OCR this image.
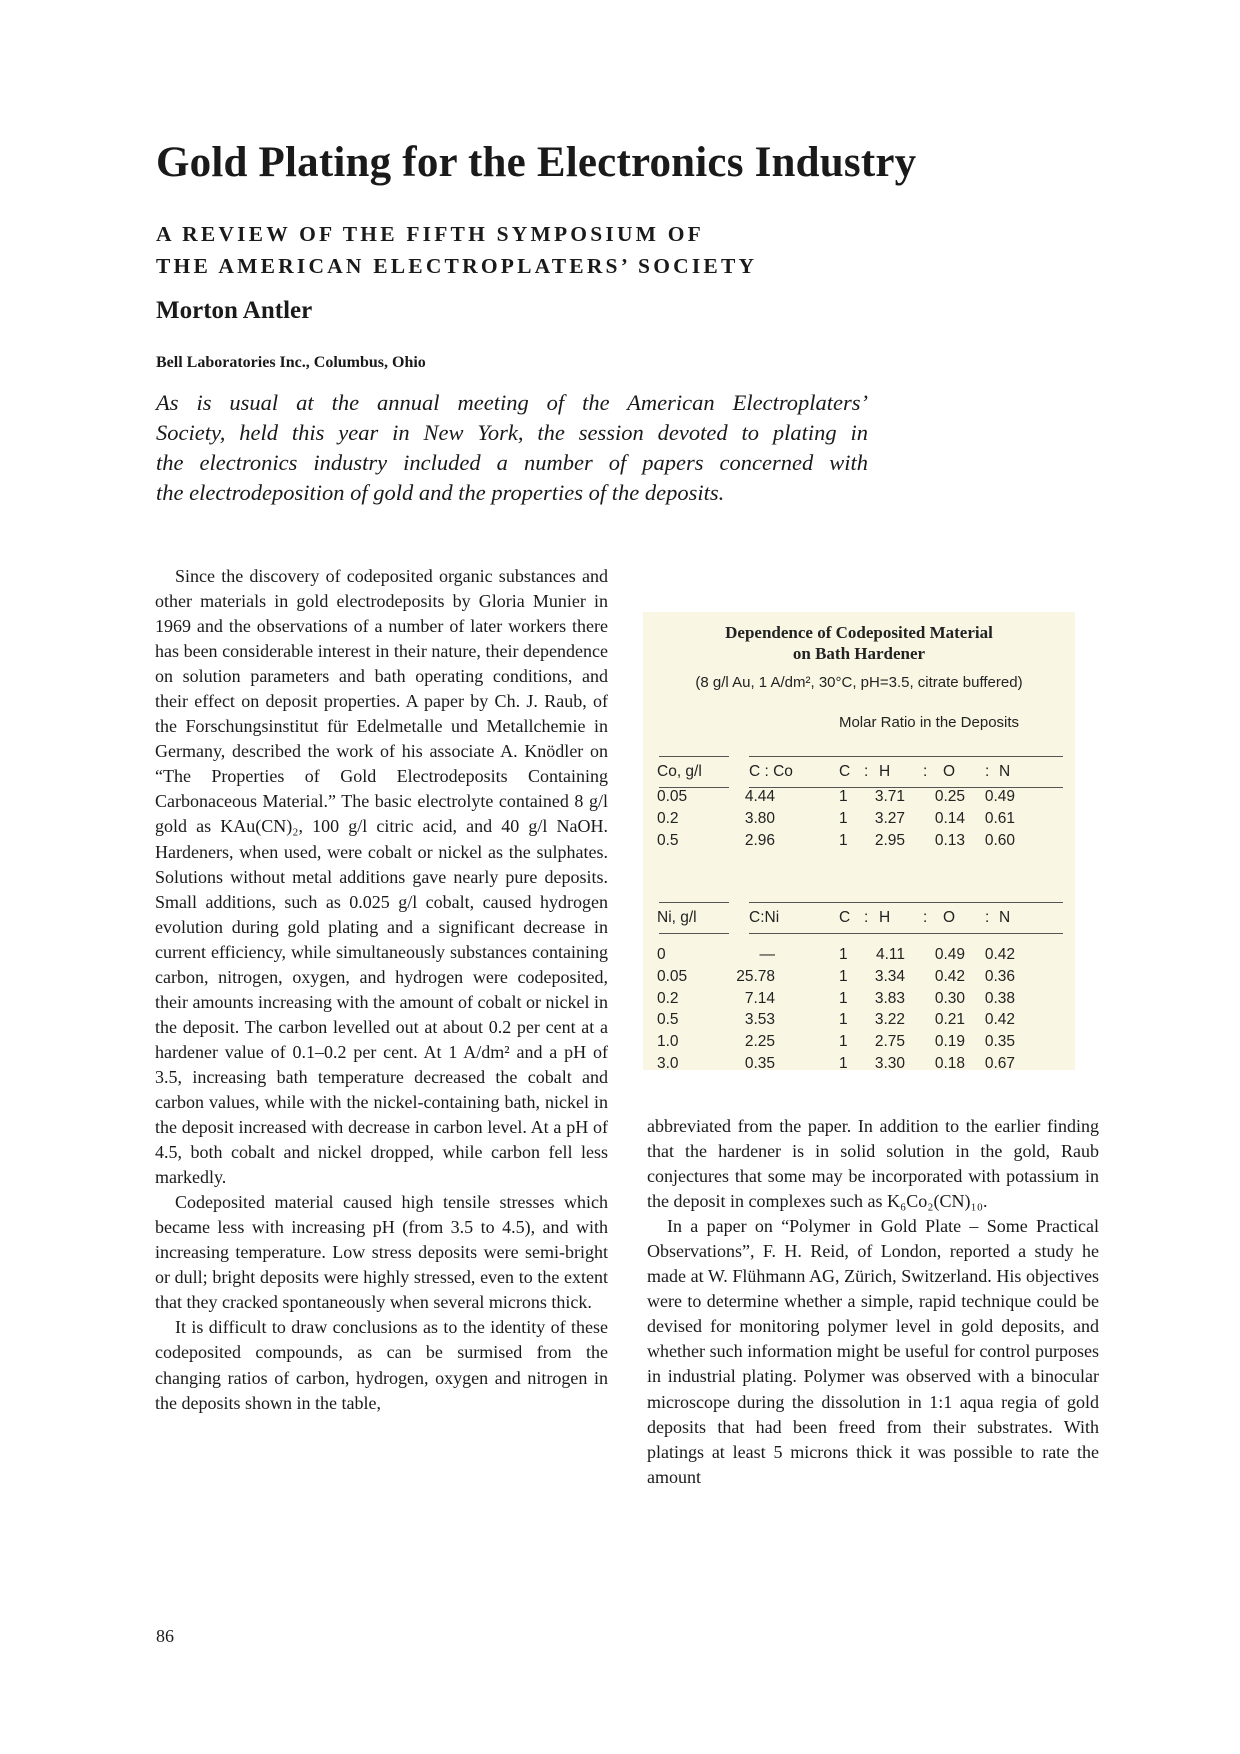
Gold Plating for the Electronics Industry
A REVIEW OF THE FIFTH SYMPOSIUM OF
THE AMERICAN ELECTROPLATERS’ SOCIETY
Morton Antler
Bell Laboratories Inc., Columbus, Ohio
As is usual at the annual meeting of the American Electroplaters’
Society, held this year in New York, the session devoted to plating in
the electronics industry included a number of papers concerned with
the electrodeposition of gold and the properties of the deposits.

Since the discovery of codeposited organic substances and other materials in gold electrodeposits by Gloria Munier in 1969 and the observations of a number of later workers there has been considerable interest in their nature, their dependence on solution parameters and bath operating conditions, and their effect on deposit properties. A paper by Ch. J. Raub, of the Forschungsinstitut für Edelmetalle und Metallchemie in Germany, described the work of his associate A. Knödler on “The Properties of Gold Electrodeposits Containing Carbonaceous Material.” The basic electrolyte contained 8 g/l gold as KAu(CN)₂, 100 g/l citric acid, and 40 g/l NaOH. Hardeners, when used, were cobalt or nickel as the sulphates. Solutions without metal additions gave nearly pure deposits. Small additions, such as 0.025 g/l cobalt, caused hydrogen evolution during gold plating and a significant decrease in current efficiency, while simultaneously substances containing carbon, nitrogen, oxygen, and hydrogen were codeposited, their amounts increasing with the amount of cobalt or nickel in the deposit. The carbon levelled out at about 0.2 per cent at a hardener value of 0.1–0.2 per cent. At 1 A/dm² and a pH of 3.5, increasing bath temperature decreased the cobalt and carbon values, while with the nickel-containing bath, nickel in the deposit increased with decrease in carbon level. At a pH of 4.5, both cobalt and nickel dropped, while carbon fell less markedly.

Codeposited material caused high tensile stresses which became less with increasing pH (from 3.5 to 4.5), and with increasing temperature. Low stress deposits were semi-bright or dull; bright deposits were highly stressed, even to the extent that they cracked spontaneously when several microns thick.

It is difficult to draw conclusions as to the identity of these codeposited compounds, as can be surmised from the changing ratios of carbon, hydrogen, oxygen and nitrogen in the deposits shown in the table,

Dependence of Codeposited Material
on Bath Hardener
(8 g/l Au, 1 A/dm², 30°C, pH=3.5, citrate buffered)
Molar Ratio in the Deposits
Co, g/l	C : Co	C H	O	N
:	:	:
0.05	4.44	1	3.71 0.25 0.49
0.2	3.80	1	3.27 0.14 0.61
0.5	2.96	1	2.95 0.13 0.60
Ni, g/l	C:Ni	C H	O	N
:	:	:
0	—	1	4.11 0.49 0.42
0.05	25.78	1	3.34 0.42 0.36
0.2	7.14	1	3.83 0.30 0.38
0.5	3.53	1	3.22 0.21 0.42
1.0	2.25	1	2.75 0.19 0.35
3.0	0.35	1	3.30 0.18 0.67

abbreviated from the paper. In addition to the earlier finding that the hardener is in solid solution in the gold, Raub conjectures that some may be incorporated with potassium in the deposit in complexes such as K₆Co₂(CN)₁₀.

In a paper on “Polymer in Gold Plate – Some Practical Observations”, F. H. Reid, of London, reported a study he made at W. Flühmann AG, Zürich, Switzerland. His objectives were to determine whether a simple, rapid technique could be devised for monitoring polymer level in gold deposits, and whether such information might be useful for control purposes in industrial plating. Polymer was observed with a binocular microscope during the dissolution in 1:1 aqua regia of gold deposits that had been freed from their substrates. With platings at least 5 microns thick it was possible to rate the amount

86
